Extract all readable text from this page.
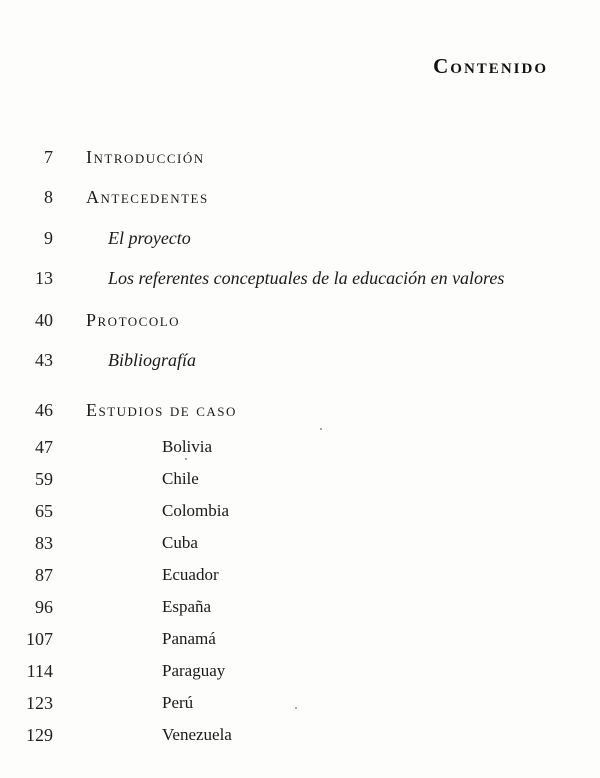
Contenido
7 Introducción
8 Antecedentes
9	El proyecto
13	Los referentes conceptuales de la educación en valores
40 Protocolo
43	Bibliografía
46 Estudios de caso
47	Bolivia
59	Chile
65	Colombia
83	Cuba
87	Ecuador
96	España
107	Panamá
114	Paraguay
123	Perú
129	Venezuela
